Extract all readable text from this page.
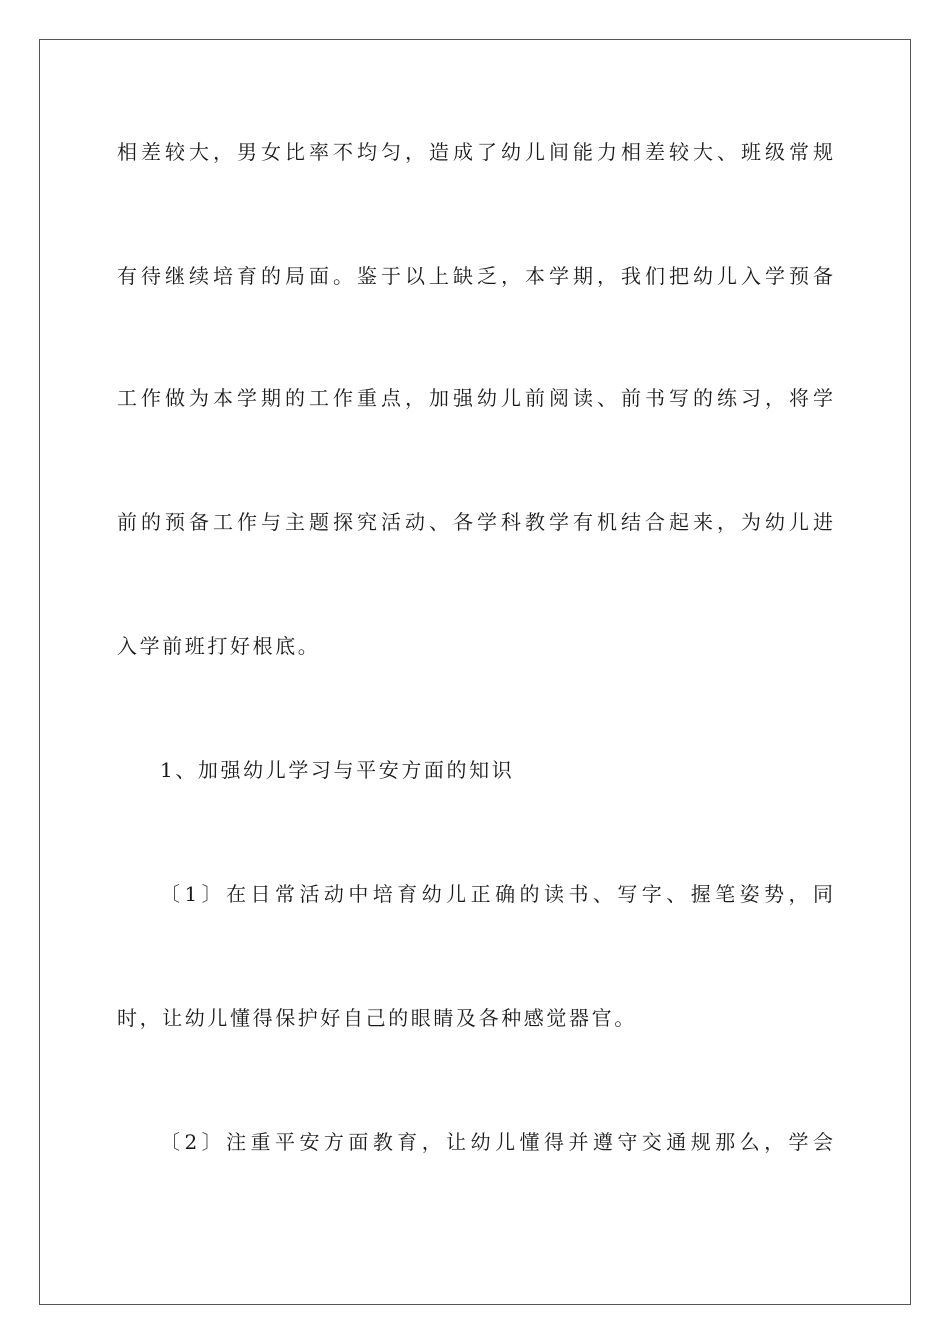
相差较大，男女比率不均匀，造成了幼儿间能力相差较大、班级常规
有待继续培育的局面。鉴于以上缺乏，本学期，我们把幼儿入学预备
工作做为本学期的工作重点，加强幼儿前阅读、前书写的练习，将学
前的预备工作与主题探究活动、各学科教学有机结合起来，为幼儿进
入学前班打好根底。
1、加强幼儿学习与平安方面的知识
〔1〕在日常活动中培育幼儿正确的读书、写字、握笔姿势，同
时，让幼儿懂得保护好自己的眼睛及各种感觉器官。
〔2〕注重平安方面教育，让幼儿懂得并遵守交通规那么，学会
